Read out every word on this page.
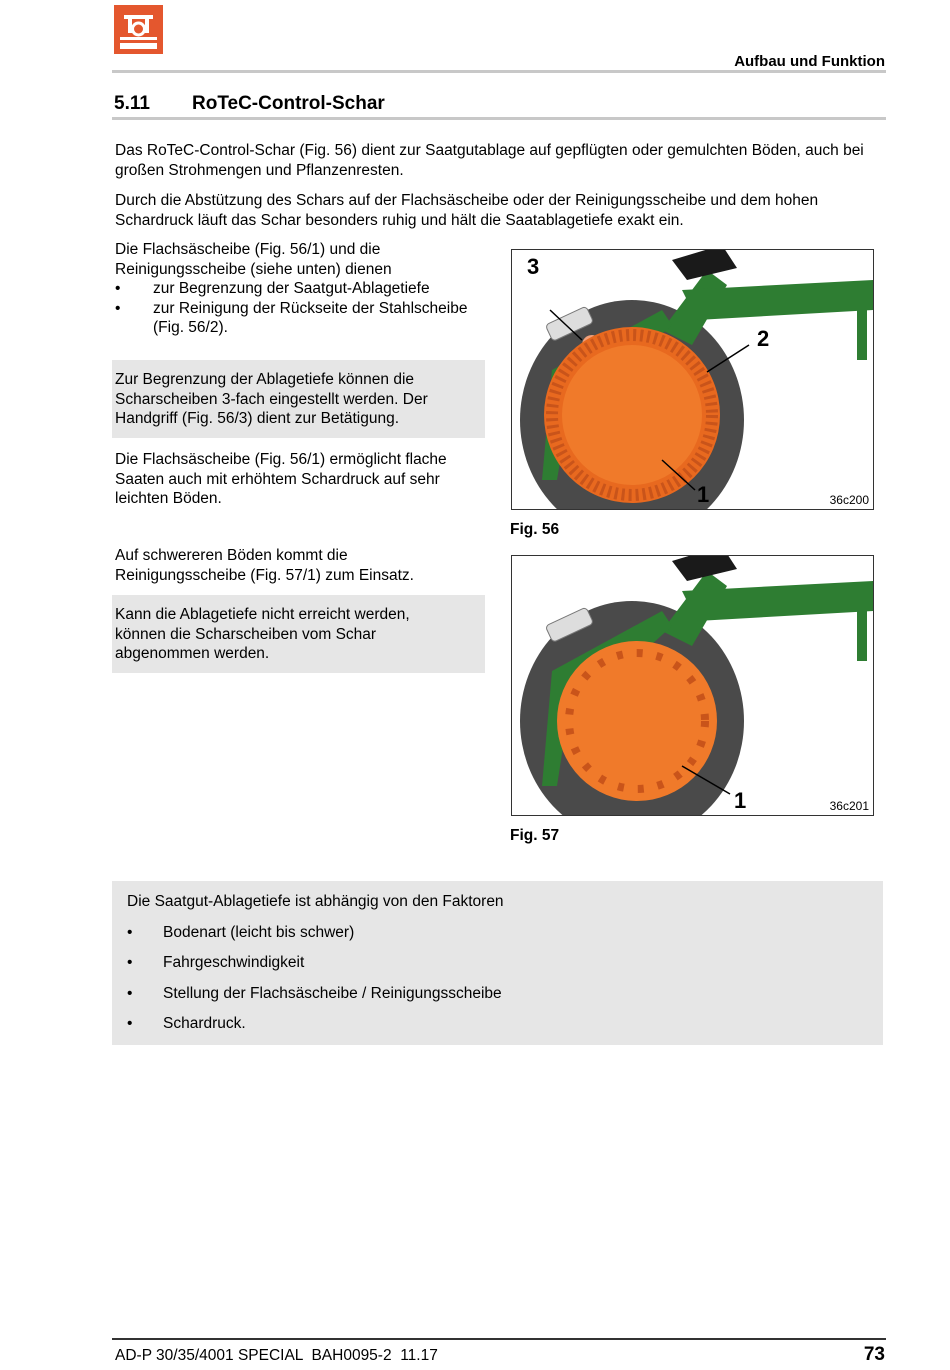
Aufbau und Funktion
5.11 RoTeC-Control-Schar
Das RoTeC-Control-Schar (Fig. 56) dient zur Saatgutablage auf gepflügten oder gemulchten Böden, auch bei großen Strohmengen und Pflanzenresten.
Durch die Abstützung des Schars auf der Flachsäscheibe oder der Reinigungsscheibe und dem hohen Schardruck läuft das Schar besonders ruhig und hält die Saatablagetiefe exakt ein.
Die Flachsäscheibe (Fig. 56/1) und die Reinigungsscheibe (siehe unten) dienen
• zur Begrenzung der Saatgut-Ablagetiefe
• zur Reinigung der Rückseite der Stahlscheibe (Fig. 56/2).
Zur Begrenzung der Ablagetiefe können die Scharscheiben 3-fach eingestellt werden. Der Handgriff (Fig. 56/3) dient zur Betätigung.
Die Flachsäscheibe (Fig. 56/1) ermöglicht flache Saaten auch mit erhöhtem Schardruck auf sehr leichten Böden.
Auf schwereren Böden kommt die Reinigungsscheibe (Fig. 57/1) zum Einsatz.
Kann die Ablagetiefe nicht erreicht werden, können die Scharscheiben vom Schar abgenommen werden.
3
2
1	36c200
Fig. 56
1	36c201
Fig. 57
Die Saatgut-Ablagetiefe ist abhängig von den Faktoren
• Bodenart (leicht bis schwer)
• Fahrgeschwindigkeit
• Stellung der Flachsäscheibe / Reinigungsscheibe
• Schardruck.
AD-P 30/35/4001 SPECIAL  BAH0095-2  11.17	73
